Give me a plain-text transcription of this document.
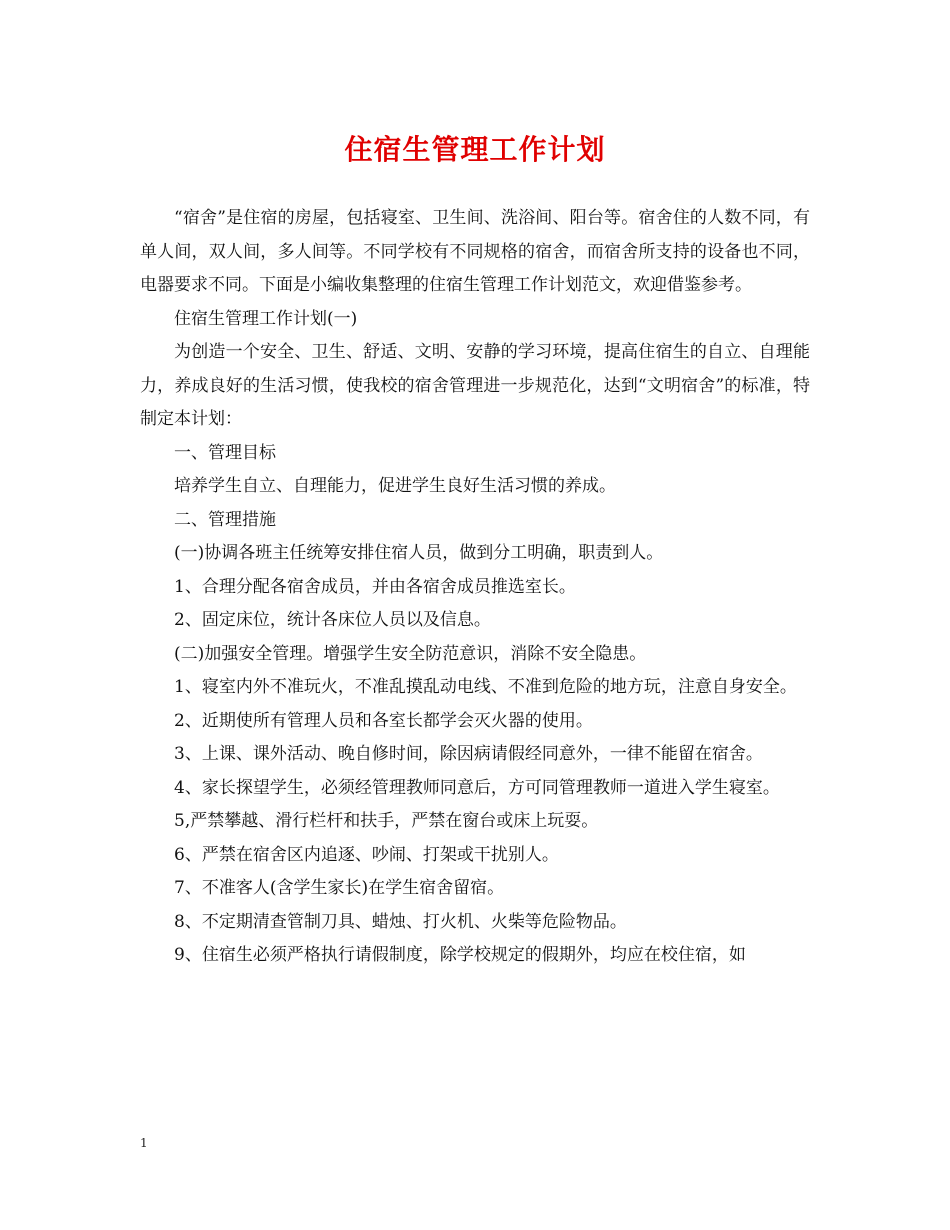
住宿生管理工作计划

“宿舍”是住宿的房屋，包括寝室、卫生间、洗浴间、阳台等。宿舍住的人数不同，有单人间，双人间，多人间等。不同学校有不同规格的宿舍，而宿舍所支持的设备也不同，电器要求不同。下面是小编收集整理的住宿生管理工作计划范文，欢迎借鉴参考。

住宿生管理工作计划(一)

为创造一个安全、卫生、舒适、文明、安静的学习环境，提高住宿生的自立、自理能力，养成良好的生活习惯，使我校的宿舍管理进一步规范化，达到“文明宿舍”的标准，特制定本计划：

一、管理目标

培养学生自立、自理能力，促进学生良好生活习惯的养成。

二、管理措施

(一)协调各班主任统筹安排住宿人员，做到分工明确，职责到人。

1、合理分配各宿舍成员，并由各宿舍成员推选室长。

2、固定床位，统计各床位人员以及信息。

(二)加强安全管理。增强学生安全防范意识，消除不安全隐患。

1、寝室内外不准玩火，不准乱摸乱动电线、不准到危险的地方玩，注意自身安全。

2、近期使所有管理人员和各室长都学会灭火器的使用。

3、上课、课外活动、晚自修时间，除因病请假经同意外，一律不能留在宿舍。

4、家长探望学生，必须经管理教师同意后，方可同管理教师一道进入学生寝室。

5,严禁攀越、滑行栏杆和扶手，严禁在窗台或床上玩耍。

6、严禁在宿舍区内追逐、吵闹、打架或干扰别人。

7、不准客人(含学生家长)在学生宿舍留宿。

8、不定期清查管制刀具、蜡烛、打火机、火柴等危险物品。

9、住宿生必须严格执行请假制度，除学校规定的假期外，均应在校住宿，如

1
